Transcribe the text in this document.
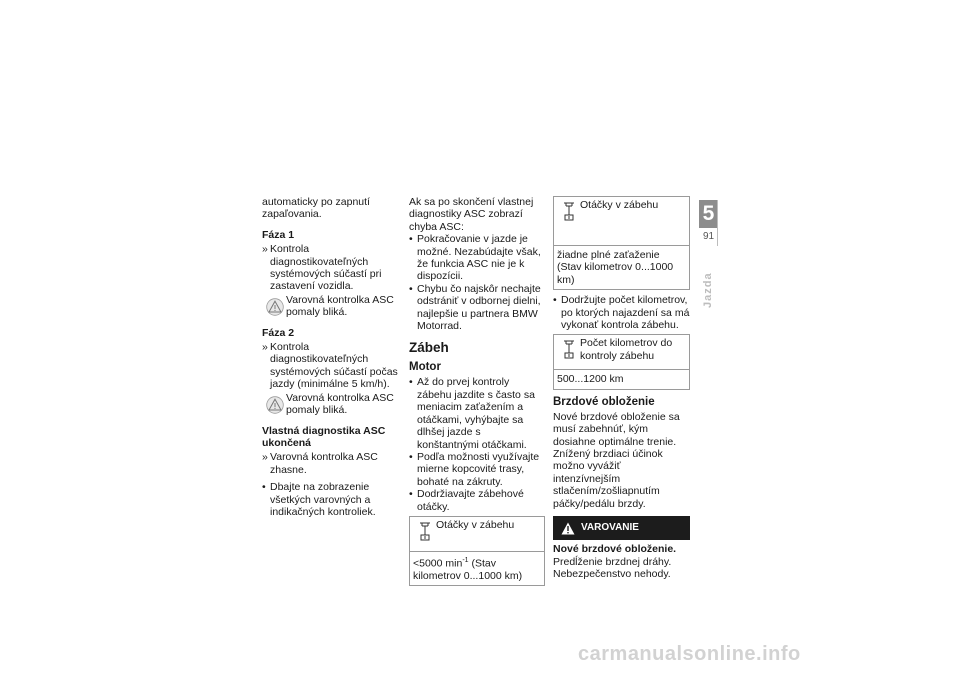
automaticky po zapnutí zapaľovania.

Fáza 1
» Kontrola diagnostikovateľných systémových súčastí pri zastavení vozidla.
Varovná kontrolka ASC pomaly bliká.
Fáza 2
» Kontrola diagnostikovateľných systémových súčastí počas jazdy (minimálne 5 km/h).
Varovná kontrolka ASC pomaly bliká.
Vlastná diagnostika ASC ukončená
» Varovná kontrolka ASC zhasne.
• Dbajte na zobrazenie všetkých varovných a indikačných kontroliek.

Ak sa po skončení vlastnej diagnostiky ASC zobrazí chyba ASC:

• Pokračovanie v jazde je možné. Nezabúdajte však, že funkcia ASC nie je k dispozícii.
• Chybu čo najskôr nechajte odstrániť v odbornej dielni, najlepšie u partnera BMW Motorrad.
Zábeh
Motor
• Až do prvej kontroly zábehu jazdite s často sa meniacim zaťažením a otáčkami, vyhýbajte sa dlhšej jazde s konštantnými otáčkami.
• Podľa možnosti využívajte mierne kopcovité trasy, bohaté na zákruty.
• Dodržiavajte zábehové otáčky.
Otáčky v zábehu
<5000 $\min^{-1}$ (Stav kilometrov 0...1000 km)
Otáčky v zábehu
žiadne plné zaťaženie (Stav kilometrov 0...1000 km)
• Dodržujte počet kilometrov, po ktorých najazdení sa má vykonať kontrola zábehu.
Počet kilometrov do kontroly zábehu
500...1200 km
Brzdové obloženie

Nové brzdové obloženie sa musí zabehnúť, kým dosiahne optimálne trenie. Znížený brzdiaci účinok možno vyvážiť intenzívnejším stlačením/zošliapnutím páčky/pedálu brzdy.

VAROVANIE

Nové brzdové obloženie.

Predĺženie brzdnej dráhy. Nebezpečenstvo nehody.

5
91
Jazda
carmanualsonline.info
